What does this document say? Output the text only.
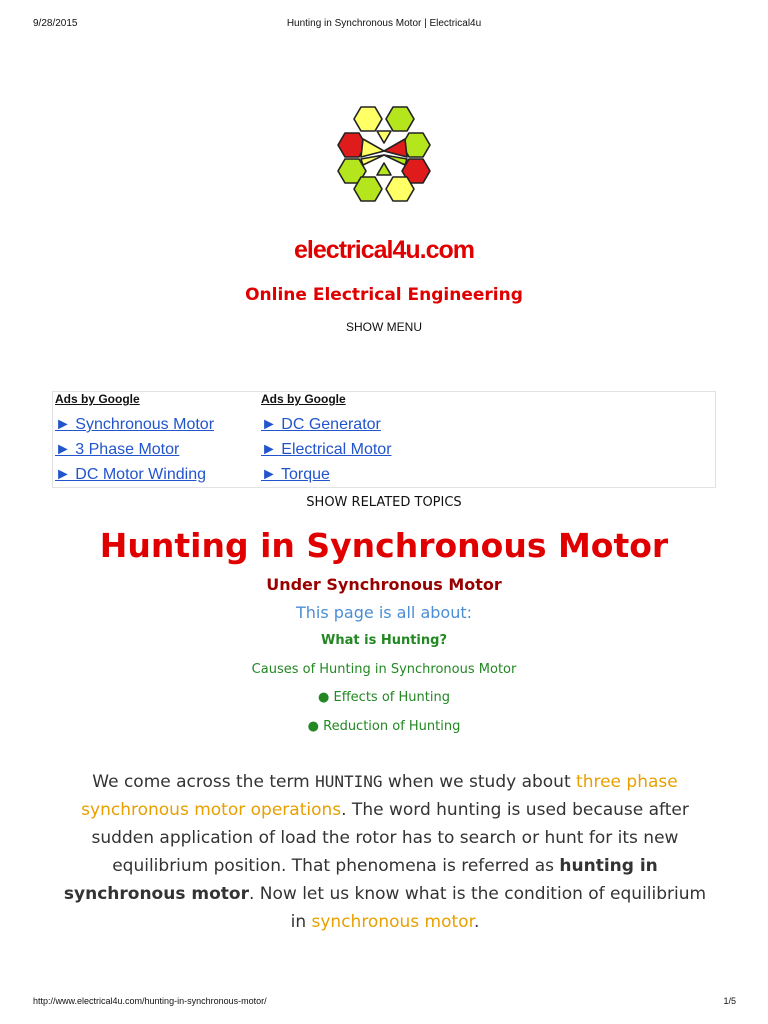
9/28/2015	Hunting in Synchronous Motor | Electrical4u
electrical4u.com
Online Electrical Engineering
SHOW MENU
Ads by Google
► Synchronous Motor
► 3 Phase Motor
► DC Motor Winding
Ads by Google
► DC Generator
► Electrical Motor
► Torque
SHOW RELATED TOPICS
Hunting in Synchronous Motor
Under Synchronous Motor
This page is all about:
What is Hunting?
Causes of Hunting in Synchronous Motor
● Effects of Hunting
● Reduction of Hunting
We come across the term HUNTING when we study about three phase synchronous motor operations. The word hunting is used because after sudden application of load the rotor has to search or hunt for its new equilibrium position. That phenomena is referred as hunting in synchronous motor. Now let us know what is the condition of equilibrium in synchronous motor.
http://www.electrical4u.com/hunting-in-synchronous-motor/	1/5
